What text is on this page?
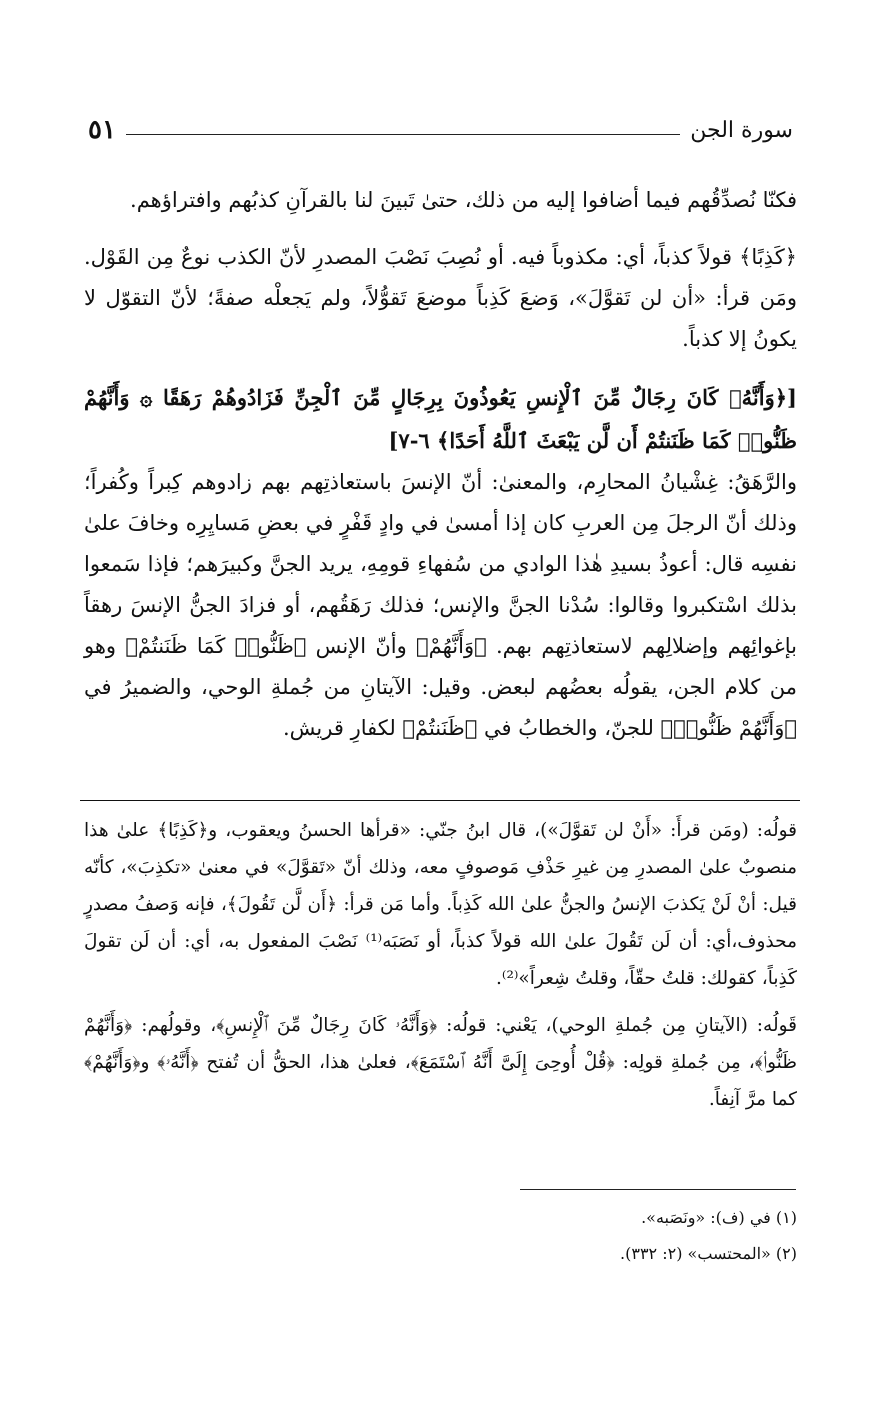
سورة الجن
٥١

فكنّا نُصدِّقُهم فيما أضافوا إليه من ذلك، حتىٰ تَبينَ لنا بالقرآنِ كذبُهم وافتراؤهم.

﴿كَذِبًا﴾ قولاً كذباً، أي: مكذوباً فيه. أو نُصِبَ نَصْبَ المصدرِ لأنّ الكذب نوعٌ مِن القَوْل. ومَن قرأ: «أن لن تَقوَّلَ»، وَضعَ كَذِباً موضعَ تَقوُّلاً، ولم يَجعلْه صفةً؛ لأنّ التقوّل لا يكونُ إلا كذباً.

[﴿وَأَنَّهُۥ كَانَ رِجَالٌ مِّنَ ٱلْإِنسِ يَعُوذُونَ بِرِجَالٍ مِّنَ ٱلْجِنِّ فَزَادُوهُمْ رَهَقًا ۞ وَأَنَّهُمْ ظَنُّوا۟ كَمَا ظَنَنتُمْ أَن لَّن يَبْعَثَ ٱللَّهُ أَحَدًا﴾ ٦-٧]

والرَّهَقُ: غِشْيانُ المحارِم، والمعنىٰ: أنّ الإنسَ باستعاذتِهم بهم زادوهم كِبراً وكُفراً؛ وذلك أنّ الرجلَ مِن العربِ كان إذا أمسىٰ في وادٍ قَفْرٍ في بعضِ مَسايِرِه وخافَ علىٰ نفسِه قال: أعوذُ بسيدِ هٰذا الوادي من سُفهاءِ قومِهِ، يريد الجنَّ وكبيرَهم؛ فإذا سَمعوا بذلك اسْتكبروا وقالوا: سُدْنا الجنَّ والإنس؛ فذلك رَهَقُهم، أو فزادَ الجنُّ الإنسَ رهقاً بإغوائِهم وإضلالِهم لاستعاذتِهم بهم. ﴿وَأَنَّهُمْ﴾ وأنّ الإنس ﴿ظَنُّوا۟ كَمَا ظَنَنتُمْ﴾ وهو من كلام الجن، يقولُه بعضُهم لبعض. وقيل: الآيتانِ من جُملةِ الوحي، والضميرُ في ﴿وَأَنَّهُمْ ظَنُّوا۟﴾ للجنّ، والخطابُ في ﴿ظَنَنتُمْ﴾ لكفارِ قريش.

قولُه: (ومَن قرأَ: «أَنْ لن تَقوَّلَ»)، قال ابنُ جنّي: «قرأها الحسنُ ويعقوب، و﴿كَذِبًا﴾ علىٰ هذا منصوبٌ علىٰ المصدرِ مِن غيرِ حَذْفِ مَوصوفٍ معه، وذلك أنّ «تَقوَّلَ» في معنىٰ «تكذِبَ»، كأنّه قيل: أنْ لَنْ يَكذبَ الإنسُ والجنُّ علىٰ الله كَذِباً. وأما مَن قرأ: ﴿أَن لَّن تَقُولَ﴾، فإنه وَصفُ مصدرٍ محذوف،أي: أن لَن تَقُولَ علىٰ الله قولاً كذباً، أو نَصَبَه⁽¹⁾ نَصْبَ المفعول به، أي: أن لَن تقولَ كَذِباً، كقولك: قلتُ حقّاً، وقلتُ شِعراً»⁽²⁾.

قَولُه: (الآيتانِ مِن جُملةِ الوحي)، يَعْني: قولُه: ﴿وَأَنَّهُۥ كَانَ رِجَالٌ مِّنَ ٱلْإِنسِ﴾، وقولُهم: ﴿وَأَنَّهُمْ ظَنُّوا۟﴾، مِن جُملةِ قولِه: ﴿قُلْ أُوحِىَ إِلَىَّ أَنَّهُ ٱسْتَمَعَ﴾، فعلىٰ هذا، الحقُّ أن تُفتح ﴿أَنَّهُۥ﴾ و﴿وَأَنَّهُمْ﴾ كما مرَّ آنِفاً.

(١) في (ف): «ونَصَبه».
(٢) «المحتسب» (٢: ٣٣٢).
